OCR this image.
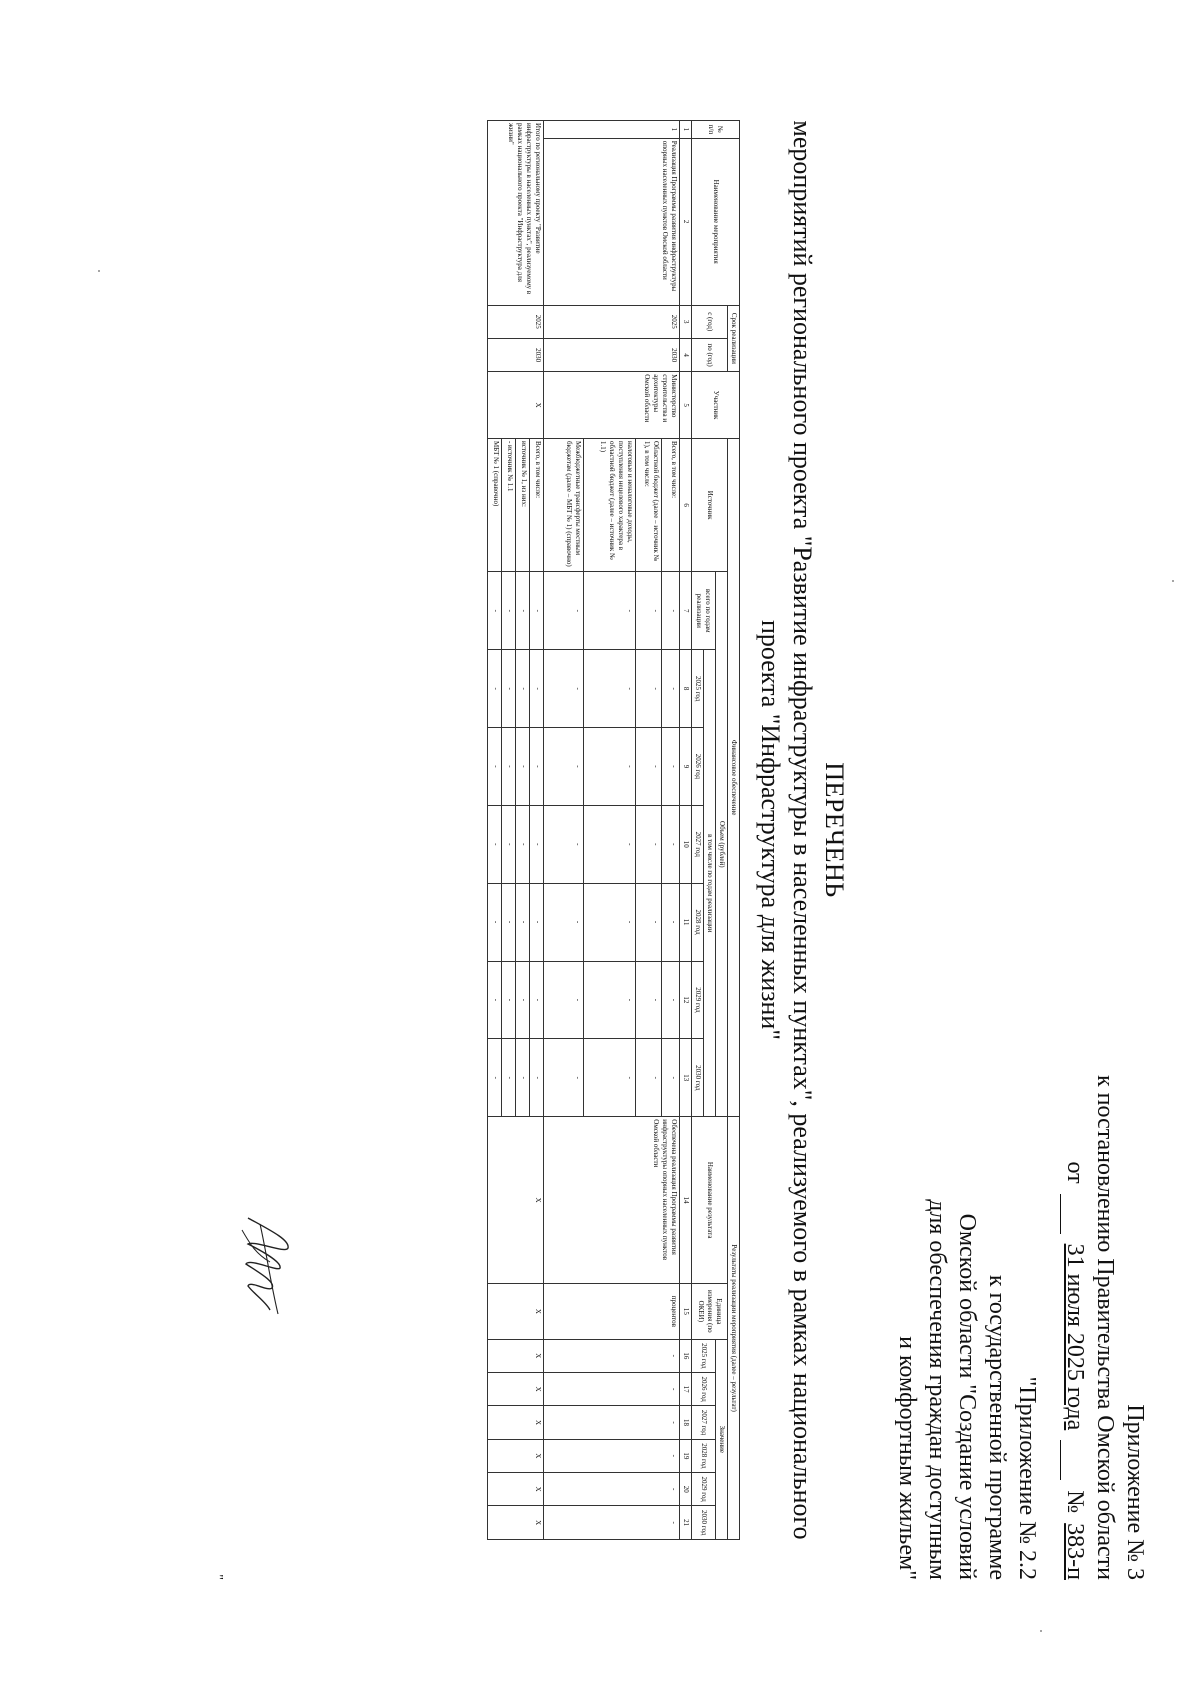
Приложение № 3
к постановлению Правительства Омской области
от
31 июля 2025 года
№
383-п
"Приложение № 2.2
к государственной программе
Омской области "Создание условий
для обеспечения граждан доступным
и комфортным жильем"
ПЕРЕЧЕНЬ
мероприятий регионального проекта "Развитие инфраструктуры в населенных пунктах", реализуемого в рамках национального
проекта "Инфраструктура для жизни"
№ п/п	Наименование мероприятия	Срок реализации		Участник	Финансовое обеспечение								Результаты реализации мероприятия (далее – результат)							
		с (год)	по (год)		Источник	Объем (рублей)							Наименование результата	Единица измерения (по ОКЕИ)	Значение					
						всего по годам реализации	в том числе по годам реализации								2025 год	2026 год	2027 год	2028 год	2029 год	2030 год
							2025 год	2026 год	2027 год	2028 год	2029 год	2030 год								
1	2	3	4	5	6	7	8	9	10	11	12	13	14	15	16	17	18	19	20	21
1	Реализация Программы развития инфраструктуры опорных населенных пунктов Омской области	2025	2030	Министерство строительства и архитектуры Омской области	Всего, в том числе:	-	-	-	-	-	-	-	Обеспечена реализация Программы развития инфраструктуры опорных населенных пунктов Омской области	процентов	-	-	-	-	-	-
					Областной бюджет (далее – источник № 1), в том числе:	-	-	-	-	-	-	-								
					налоговые и неналоговые доходы, поступления нецелевого характера в областной бюджет (далее – источник № 1.1)	-	-	-	-	-	-	-								
					Межбюджетные трансферты местным бюджетам (далее – МБТ № 1) (справочно)	-	-	-	-	-	-	-								
Итого по региональному проекту "Развитие инфраструктуры в населенных пунктах", реализуемому в рамках национального проекта "Инфраструктура для жизни"		2025	2030	Х	Всего, в том числе:	-	-	-	-	-	-	-	Х	Х	Х	Х	Х	Х	Х	Х
					источник № 1, из них:	-	-	-	-	-	-	-								
					- источник № 1.1	-	-	-	-	-	-	-								
					МБТ № 1 (справочно)	-	-	-	-	-	-	-								
"
